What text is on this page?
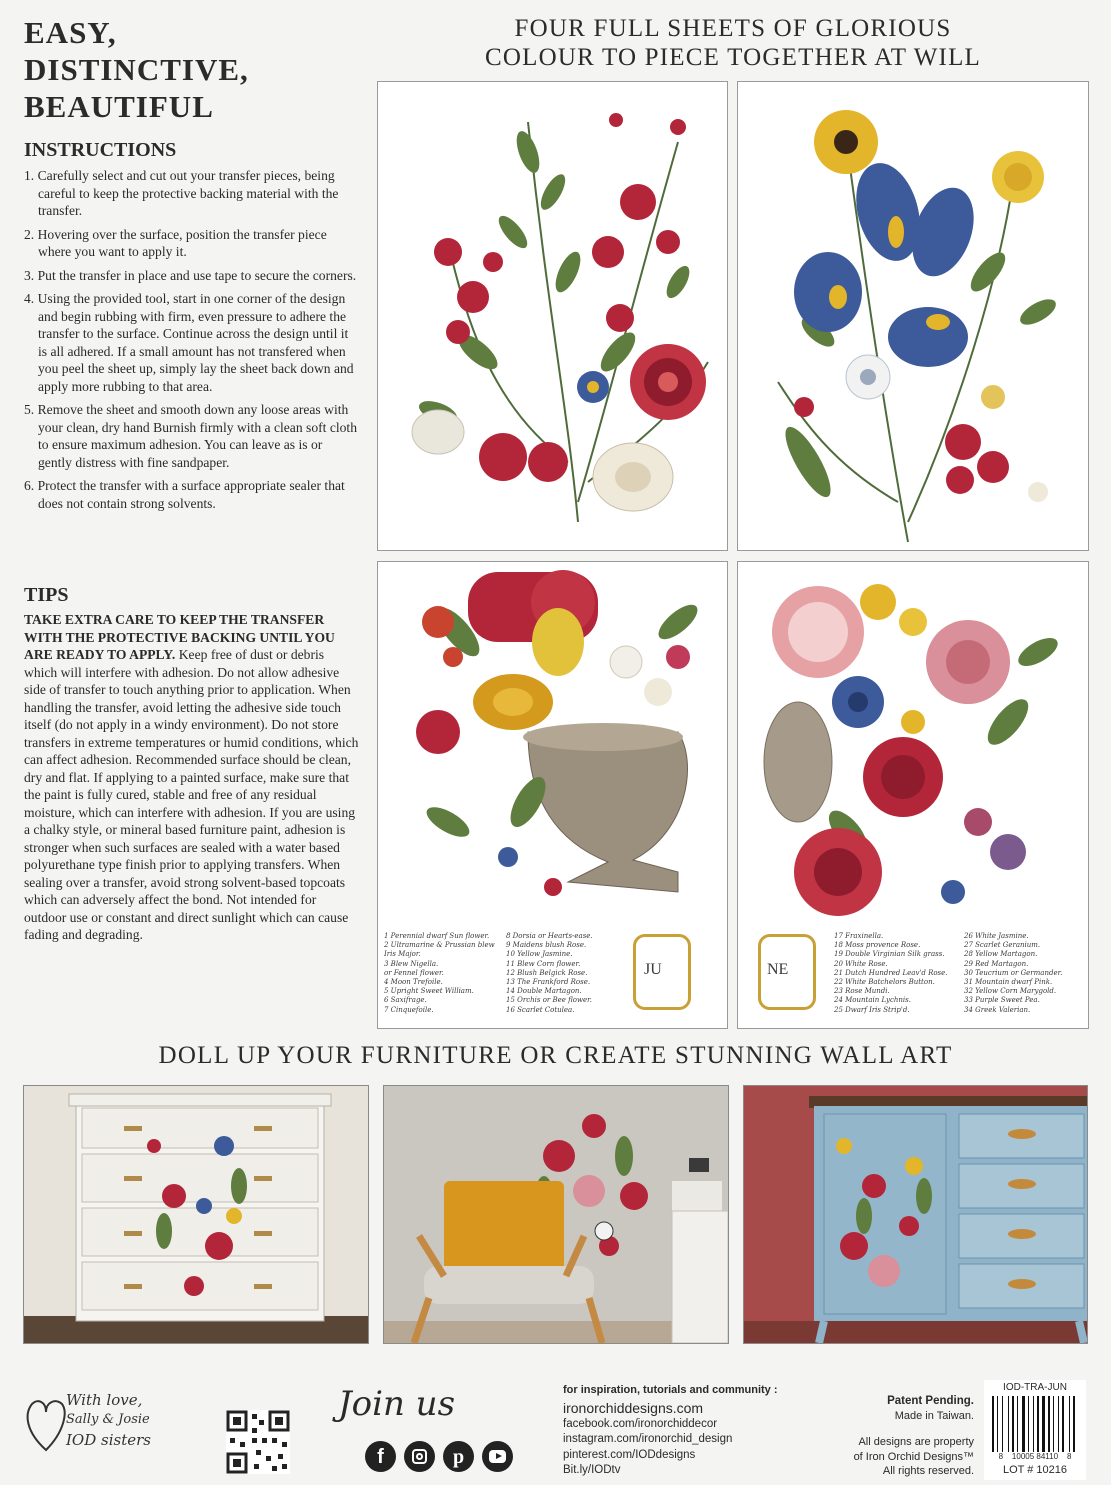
EASY,
DISTINCTIVE,
BEAUTIFUL
INSTRUCTIONS
1. Carefully select and cut out your transfer pieces, being careful to keep the protective backing material with the transfer.
2. Hovering over the surface, position the transfer piece where you want to apply it.
3. Put the transfer in place and use tape to secure the corners.
4. Using the provided tool, start in one corner of the design and begin rubbing with firm, even pressure to adhere the transfer to the surface. Continue across the design until it is all adhered. If a small amount has not transfered when you peel the sheet up, simply lay the sheet back down and apply more rubbing to that area.
5. Remove the sheet and smooth down any loose areas with your clean, dry hand Burnish firmly with a clean soft cloth to ensure maximum adhesion. You can leave as is or gently distress with fine sandpaper.
6. Protect the transfer with a surface appropriate sealer that does not contain strong solvents.
TIPS
TAKE EXTRA CARE TO KEEP THE TRANSFER WITH THE PROTECTIVE BACKING UNTIL YOU ARE READY TO APPLY. Keep free of dust or debris which will interfere with adhesion. Do not allow adhesive side of transfer to touch anything prior to application. When handling the transfer, avoid letting the adhesive side touch itself (do not apply in a windy environment). Do not store transfers in extreme temperatures or humid conditions, which can affect adhesion. Recommended surface should be clean, dry and flat. If applying to a painted surface, make sure that the paint is fully cured, stable and free of any residual moisture, which can interfere with adhesion. If you are using a chalky style, or mineral based furniture paint, adhesion is stronger when such surfaces are sealed with a water based polyurethane type finish prior to applying transfers. When sealing over a transfer, avoid strong solvent-based topcoats which can adversely affect the bond. Not intended for outdoor use or constant and direct sunlight which can cause fading and degrading.
FOUR FULL SHEETS OF GLORIOUS
COLOUR TO PIECE TOGETHER AT WILL
1 Perennial dwarf Sun flower.
2 Ultramarine & Prussian blew
Iris Major.
3 Blew Nigella.
or Fennel flower.
4 Moon Trefoile.
5 Upright Sweet William.
6 Saxifrage.
7 Cinquefoile.
8 Dorsia or Hearts-ease.
9 Maidens blush Rose.
10 Yellow Jasmine.
11 Blew Corn flower.
12 Blush Belgick Rose.
13 The Frankford Rose.
14 Double Martagon.
15 Orchis or Bee flower.
16 Scarlet Cotulea.
JU	NE
17 Fraxinella.
18 Moss provence Rose.
19 Double Virginian Silk grass.
20 White Rose.
21 Dutch Hundred Leav'd Rose.
22 White Batchelors Button.
23 Rose Mundi.
24 Mountain Lychnis.
25 Dwarf Iris Strip'd.
26 White Jasmine.
27 Scarlet Geranium.
28 Yellow Martagon.
29 Red Martagon.
30 Teucrium or Germander.
31 Mountain dwarf Pink.
32 Yellow Corn Marygold.
33 Purple Sweet Pea.
34 Greek Valerian.
DOLL UP YOUR FURNITURE OR CREATE STUNNING WALL ART
With love,
Sally & Josie
IOD sisters
Join us
f	p
for inspiration, tutorials and community :
ironorchiddesigns.com
facebook.com/ironorchiddecor
instagram.com/ironorchid_design
pinterest.com/IODdesigns
Bit.ly/IODtv
Patent Pending.
Made in Taiwan.
All designs are property
of Iron Orchid Designs™
All rights reserved.
IOD-TRA-JUN
8    10005 84110    8
LOT # 10216
